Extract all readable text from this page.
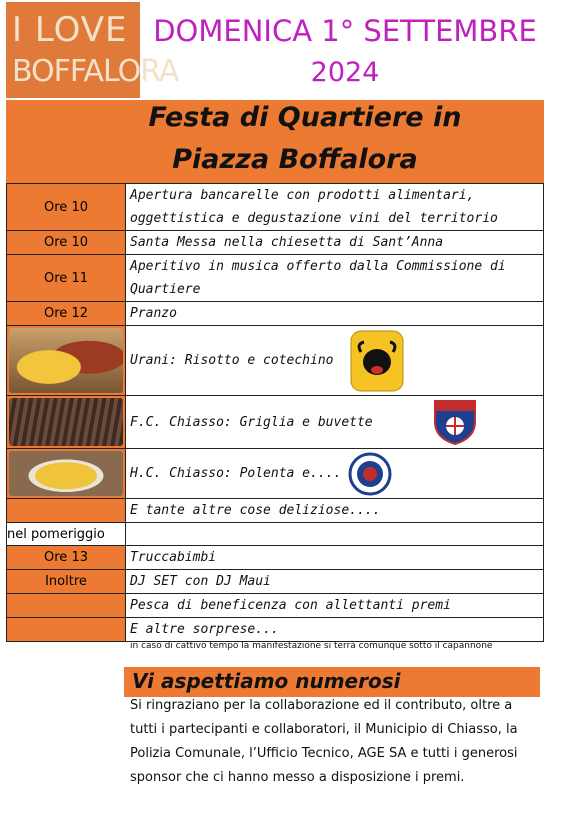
I LOVE
BOFFALORA
DOMENICA 1° SETTEMBRE
2024
Festa di Quartiere in
Piazza Boffalora
Ore 10	Apertura bancarelle con prodotti alimentari, oggettistica e degustazione vini del territorio
Ore 10	Santa Messa nella chiesetta di Sant’Anna
Ore 11	Aperitivo in musica offerto dalla Commissione di Quartiere
Ore 12	Pranzo

	Urani: Risotto e cotechino

	F.C. Chiasso: Griglia e buvette

	H.C. Chiasso: Polenta e....

	E tante altre cose deliziose....
nel pomeriggio	
Ore 13	Truccabimbi
Inoltre	DJ SET con DJ Maui
	Pesca di beneficenza con allettanti premi
	E altre sorprese...
in caso di cattivo tempo la manifestazione si terrà comunque sotto il capannone
Vi aspettiamo numerosi
Si ringraziano per la collaborazione ed il contributo, oltre a tutti i partecipanti e collaboratori, il Municipio di Chiasso, la Polizia Comunale, l’Ufficio Tecnico, AGE SA e tutti i generosi sponsor che ci hanno messo a disposizione i premi.
